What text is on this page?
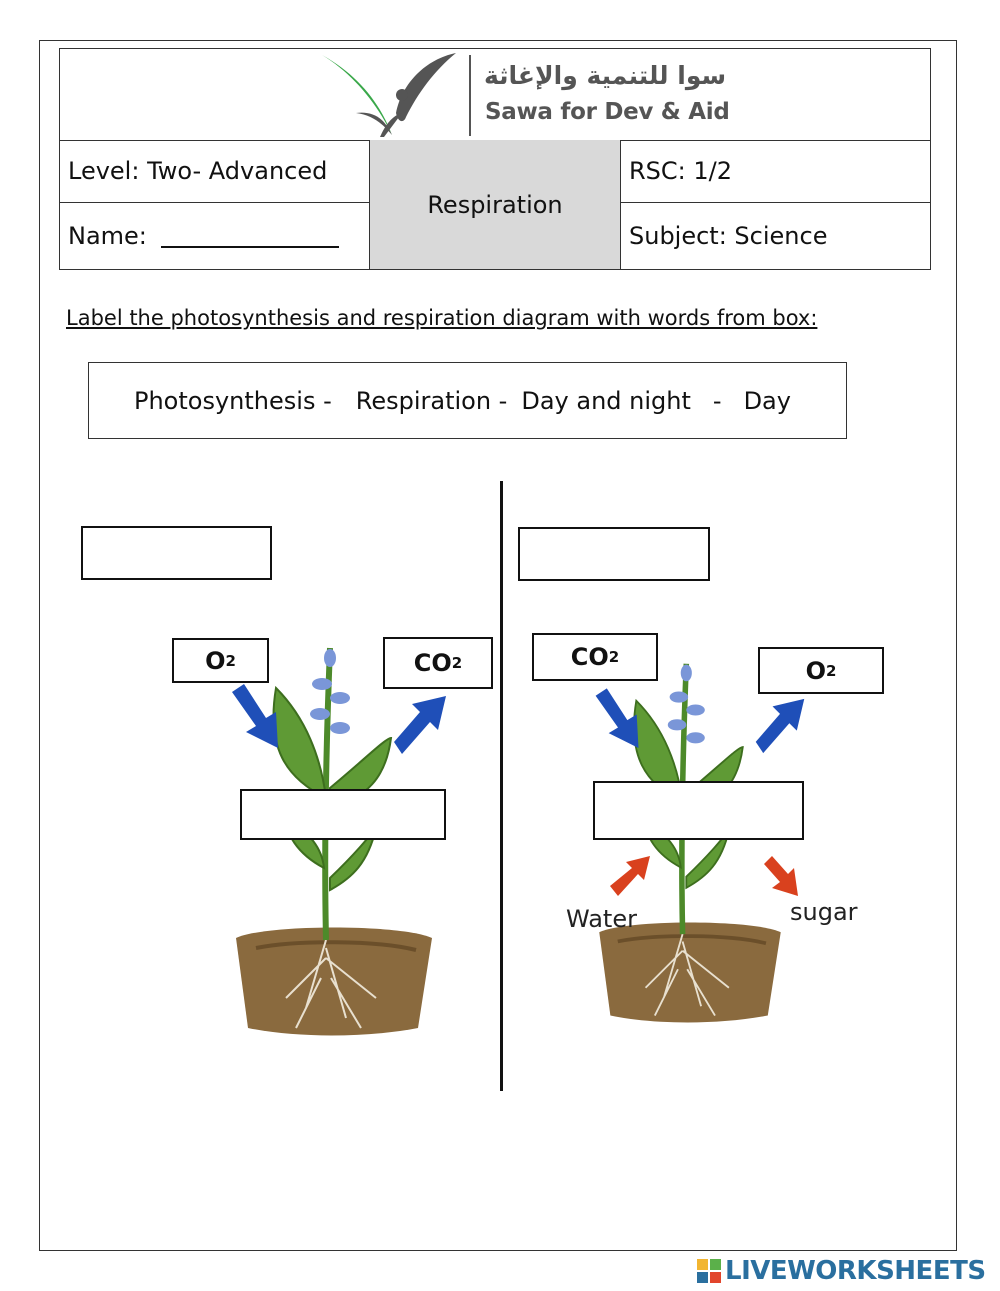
سوا للتنمية والإغاثة
Sawa for Dev & Aid
Level: Two- Advanced
Name:
Respiration
RSC: 1/2
Subject: Science
Label the photosynthesis and respiration diagram with words from box:
Photosynthesis - Respiration - Day and night - Day
O 2	CO 2	CO 2	O 2
Water	sugar
LIVEWORKSHEETS
